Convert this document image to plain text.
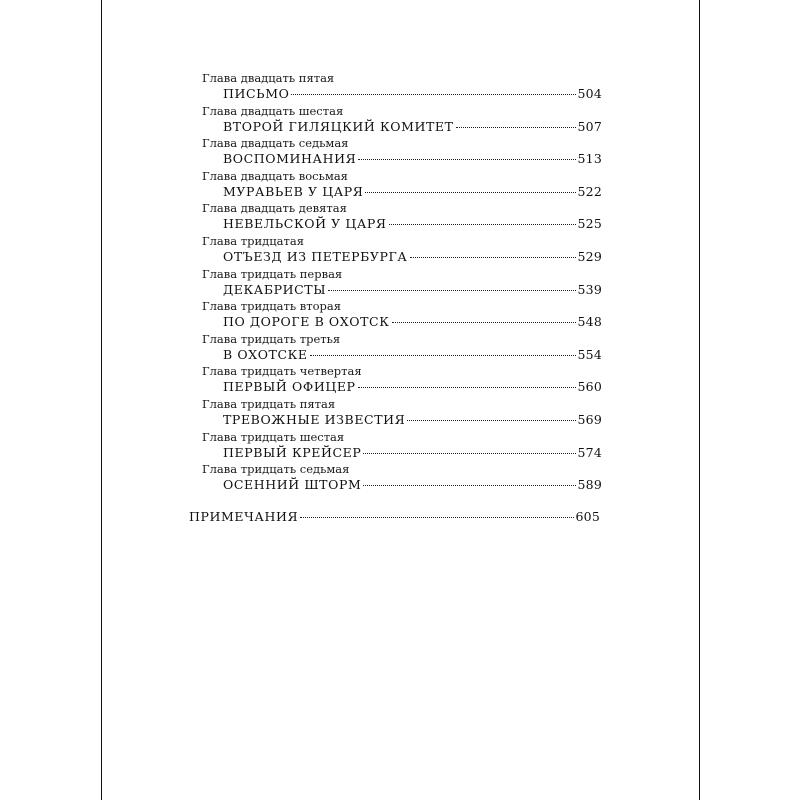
Глава двадцать пятая
ПИСЬМО	504
Глава двадцать шестая
ВТОРОЙ ГИЛЯЦКИЙ КОМИТЕТ	507
Глава двадцать седьмая
ВОСПОМИНАНИЯ	513
Глава двадцать восьмая
МУРАВЬЕВ У ЦАРЯ	522
Глава двадцать девятая
НЕВЕЛЬСКОЙ У ЦАРЯ	525
Глава тридцатая
ОТЪЕЗД ИЗ ПЕТЕРБУРГА	529
Глава тридцать первая
ДЕКАБРИСТЫ	539
Глава тридцать вторая
ПО ДОРОГЕ В ОХОТСК	548
Глава тридцать третья
В ОХОТСКЕ	554
Глава тридцать четвертая
ПЕРВЫЙ ОФИЦЕР	560
Глава тридцать пятая
ТРЕВОЖНЫЕ ИЗВЕСТИЯ	569
Глава тридцать шестая
ПЕРВЫЙ КРЕЙСЕР	574
Глава тридцать седьмая
ОСЕННИЙ ШТОРМ	589
ПРИМЕЧАНИЯ	605
